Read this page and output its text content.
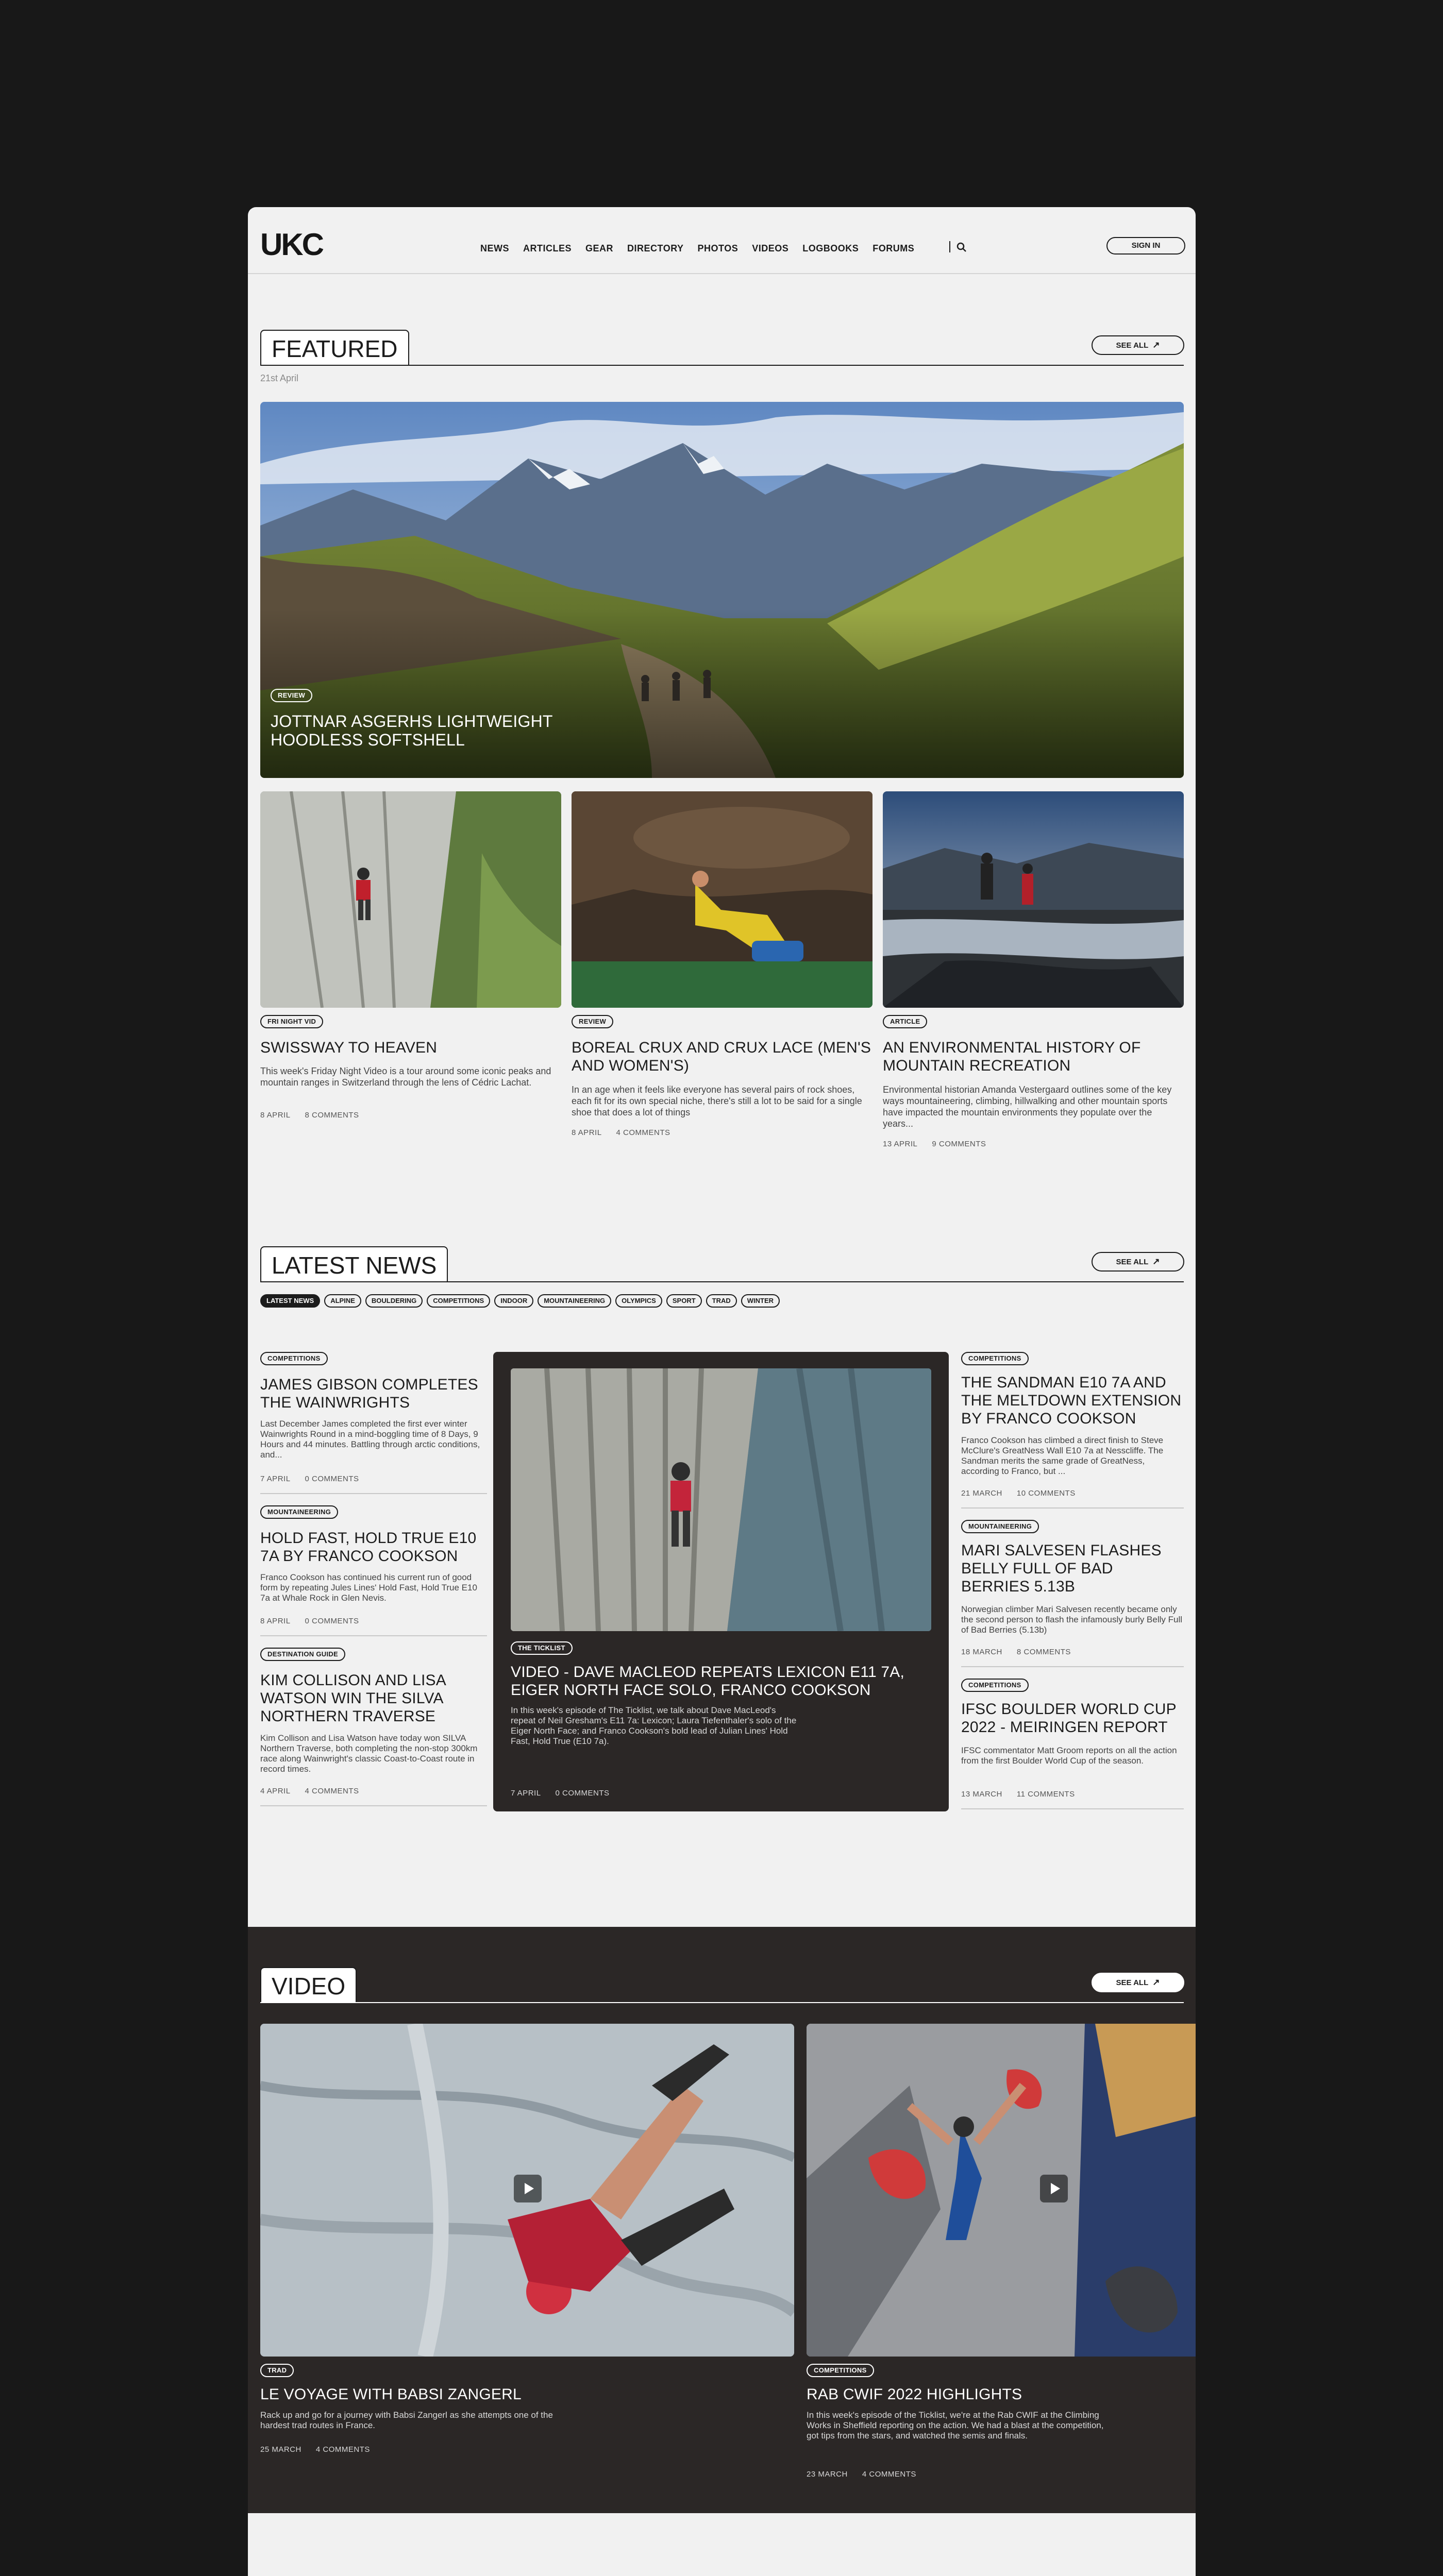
UKC	NEWS ARTICLES GEAR DIRECTORY PHOTOS VIDEOS LOGBOOKS FORUMS	SIGN IN
FEATURED	SEE ALL ↗
21st April
REVIEW
JOTTNAR ASGERHS LIGHTWEIGHT HOODLESS SOFTSHELL
FRI NIGHT VID
SWISSWAY TO HEAVEN
This week's Friday Night Video is a tour around some iconic peaks and mountain ranges in Switzerland through the lens of Cédric Lachat.
8 APRIL 8 COMMENTS
REVIEW
BOREAL CRUX AND CRUX LACE (MEN'S AND WOMEN'S)
In an age when it feels like everyone has several pairs of rock shoes, each fit for its own special niche, there's still a lot to be said for a single shoe that does a lot of things
8 APRIL 4 COMMENTS
ARTICLE
AN ENVIRONMENTAL HISTORY OF MOUNTAIN RECREATION
Environmental historian Amanda Vestergaard outlines some of the key ways mountaineering, climbing, hillwalking and other mountain sports have impacted the mountain environments they populate over the years...
13 APRIL 9 COMMENTS
LATEST NEWS	SEE ALL ↗
LATEST NEWS	ALPINE	BOULDERING	COMPETITIONS	INDOOR	MOUNTAINEERING	OLYMPICS	SPORT	TRAD	WINTER
COMPETITIONS
JAMES GIBSON COMPLETES THE WAINWRIGHTS
Last December James completed the first ever winter Wainwrights Round in a mind-boggling time of 8 Days, 9 Hours and 44 minutes. Battling through arctic conditions, and...
7 APRIL 0 COMMENTS
MOUNTAINEERING
HOLD FAST, HOLD TRUE E10 7A BY FRANCO COOKSON
Franco Cookson has continued his current run of good form by repeating Jules Lines' Hold Fast, Hold True E10 7a at Whale Rock in Glen Nevis.
8 APRIL 0 COMMENTS
DESTINATION GUIDE
KIM COLLISON AND LISA WATSON WIN THE SILVA NORTHERN TRAVERSE
Kim Collison and Lisa Watson have today won SILVA Northern Traverse, both completing the non-stop 300km race along Wainwright's classic Coast-to-Coast route in record times.
4 APRIL 4 COMMENTS
THE TICKLIST
VIDEO - DAVE MACLEOD REPEATS LEXICON E11 7A, EIGER NORTH FACE SOLO, FRANCO COOKSON
In this week's episode of The Ticklist, we talk about Dave MacLeod's repeat of Neil Gresham's E11 7a: Lexicon; Laura Tiefenthaler's solo of the Eiger North Face; and Franco Cookson's bold lead of Julian Lines' Hold Fast, Hold True (E10 7a).
7 APRIL 0 COMMENTS
COMPETITIONS
THE SANDMAN E10 7A AND THE MELTDOWN EXTENSION BY FRANCO COOKSON
Franco Cookson has climbed a direct finish to Steve McClure's GreatNess Wall E10 7a at Nesscliffe. The Sandman merits the same grade of GreatNess, according to Franco, but ...
21 MARCH 10 COMMENTS
MOUNTAINEERING
MARI SALVESEN FLASHES BELLY FULL OF BAD BERRIES 5.13B
Norwegian climber Mari Salvesen recently became only the second person to flash the infamously burly Belly Full of Bad Berries (5.13b)
18 MARCH 8 COMMENTS
COMPETITIONS
IFSC BOULDER WORLD CUP 2022 - MEIRINGEN REPORT
IFSC commentator Matt Groom reports on all the action from the first Boulder World Cup of the season.
13 MARCH 11 COMMENTS
VIDEO	SEE ALL ↗
TRAD
LE VOYAGE WITH BABSI ZANGERL
Rack up and go for a journey with Babsi Zangerl as she attempts one of the hardest trad routes in France.
25 MARCH 4 COMMENTS
COMPETITIONS
RAB CWIF 2022 HIGHLIGHTS
In this week's episode of the Ticklist, we're at the Rab CWIF at the Climbing Works in Sheffield reporting on the action. We had a blast at the competition, got tips from the stars, and watched the semis and finals.
23 MARCH 4 COMMENTS
